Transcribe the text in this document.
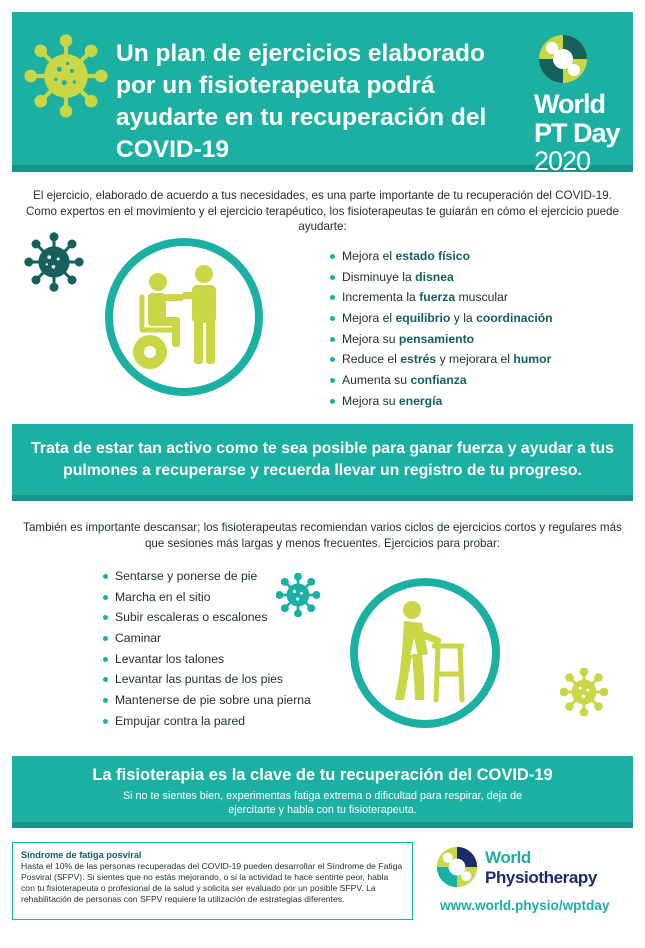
Un plan de ejercicios elaborado por un fisioterapeuta podrá ayudarte en tu recuperación del COVID-19
World
PT Day
2020
El ejercicio, elaborado de acuerdo a tus necesidades, es una parte importante de tu recuperación del COVID-19. Como expertos en el movimiento y el ejercicio terapéutico, los fisioterapeutas te guiarán en cómo el ejercicio puede ayudarte:
Mejora el estado físico
Disminuye la disnea
Incrementa la fuerza muscular
Mejora el equilibrio y la coordinación
Mejora su pensamiento
Reduce el estrés y mejorara el humor
Aumenta su confianza
Mejora su energía
Trata de estar tan activo como te sea posible para ganar fuerza y ayudar a tus pulmones a recuperarse y recuerda llevar un registro de tu progreso.
También es importante descansar; los fisioterapeutas recomiendan varios ciclos de ejercicios cortos y regulares más que sesiones más largas y menos frecuentes. Ejercicios para probar:
Sentarse y ponerse de pie
Marcha en el sitio
Subir escaleras o escalones
Caminar
Levantar los talones
Levantar las puntas de los pies
Mantenerse de pie sobre una pierna
Empujar contra la pared
La fisioterapia es la clave de tu recuperación del COVID-19
Si no te sientes bien, experimentas fatiga extrema o dificultad para respirar, deja de ejercitarte y habla con tu fisioterapeuta.
Síndrome de fatiga posviral
Hasta el 10% de las personas recuperadas del COVID-19 pueden desarrollar el Síndrome de Fatiga Posviral (SFPV). Si sientes que no estás mejorando, o si la actividad te hace sentirte peor, habla con tu fisioterapeuta o profesional de la salud y solicita ser evaluado por un posible SFPV. La rehabilitación de personas con SFPV requiere la utilización de estrategias diferentes.
World
Physiotherapy
www.world.physio/wptday
